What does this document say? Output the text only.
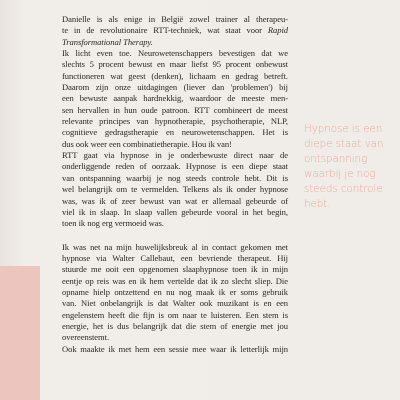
Danielle is als enige in België zowel trainer al therapeu-
te in de revolutionaire RTT-techniek, wat staat voor Rapid
Transformational Therapy.
Ik licht even toe. Neurowetenschappers bevestigen dat we
slechts 5 procent bewust en maar liefst 95 procent onbewust
functioneren wat geest (denken), lichaam en gedrag betreft.
Daarom zijn onze uitdagingen (liever dan 'problemen') bij
een bewuste aanpak hardnekkig, waardoor de meeste men-
sen hervallen in hun oude patroon. RTT combineert de meest
relevante principes van hypnotherapie, psychotherapie, NLP,
cognitieve gedragstherapie en neurowetenschappen. Het is
dus ook weer een combinatietherapie. Hou ik van!
RTT gaat via hypnose in je onderbewuste direct naar de
onderliggende reden of oorzaak. Hypnose is een diepe staat
van ontspanning waarbij je nog steeds controle hebt. Dit is
wel belangrijk om te vermelden. Telkens als ik onder hypnose
was, was ik of zeer bewust van wat er allemaal gebeurde of
viel ik in slaap. In slaap vallen gebeurde vooral in het begin,
toen ik nog erg vermoeid was.
Ik was net na mijn huwelijksbreuk al in contact gekomen met
hypnose via Walter Callebaut, een bevriende therapeut. Hij
stuurde me ooit een opgenomen slaaphypnose toen ik in mijn
eentje op reis was en ik hem vertelde dat ik zo slecht sliep. Die
opname hielp ontzettend en nu nog maak ik er soms gebruik
van. Niet onbelangrijk is dat Walter ook muzikant is en een
engelenstem heeft die fijn is om naar te luisteren. Een stem is
energie, het is dus belangrijk dat die stem of energie met jou
overeenstemt.
Ook maakte ik met hem een sessie mee waar ik letterlijk mijn
Hypnose is een
diepe staat van
ontspanning
waarbij je nog
steeds controle
hebt.
